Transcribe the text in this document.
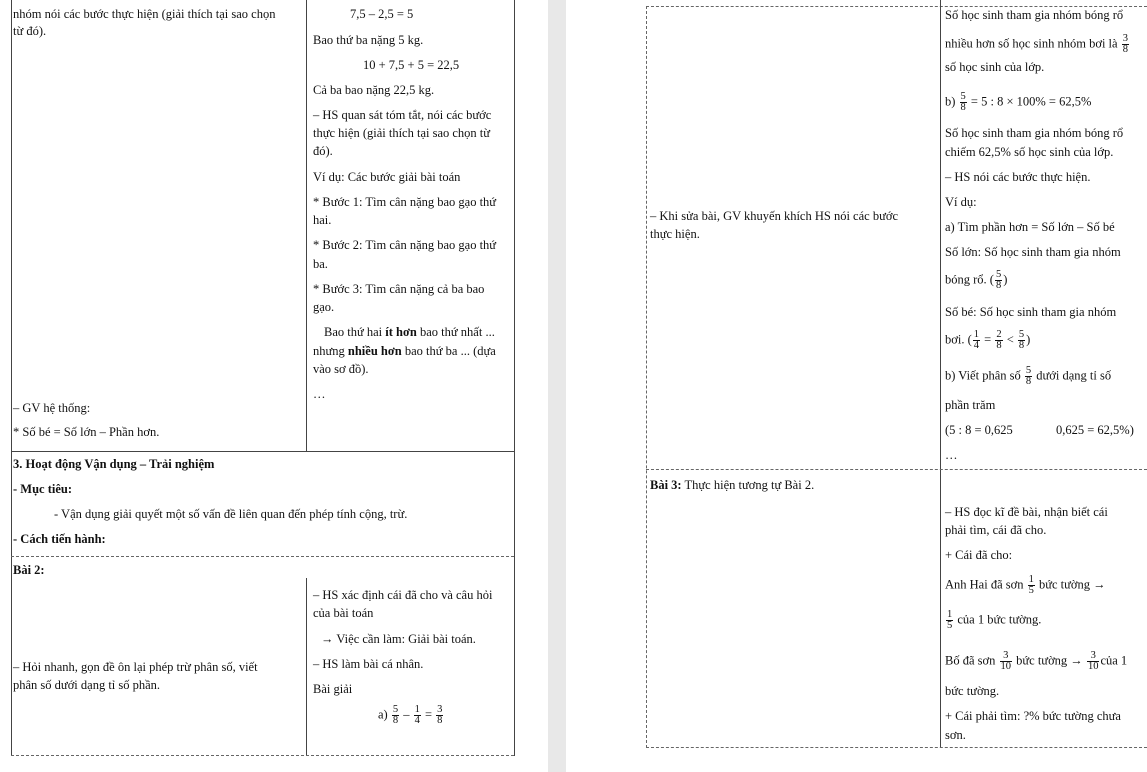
nhóm nói các bước thực hiện (giải thích tại sao chọn
từ đó).
7,5 – 2,5 = 5
Bao thứ ba nặng 5 kg.
10 + 7,5 + 5 = 22,5
Cả ba bao nặng 22,5 kg.
– HS quan sát tóm tắt, nói các bước
thực hiện (giải thích tại sao chọn từ
đó).
Ví dụ: Các bước giải bài toán
* Bước 1: Tìm cân nặng bao gạo thứ
hai.
* Bước 2: Tìm cân nặng bao gạo thứ
ba.
* Bước 3: Tìm cân nặng cả ba bao
gạo.
Bao thứ hai ít hơn bao thứ nhất ...
nhưng nhiều hơn bao thứ ba ... (dựa
vào sơ đồ).
…
– GV hệ thống:
* Số bé = Số lớn – Phần hơn.
3. Hoạt động Vận dụng – Trải nghiệm
- Mục tiêu:
- Vận dụng giải quyết một số vấn đề liên quan đến phép tính cộng, trừ.
- Cách tiến hành:
Bài 2:
– HS xác định cái đã cho và câu hỏi
của bài toán
→ Việc cần làm: Giải bài toán.
– Hỏi nhanh, gọn đề ôn lại phép trừ phân số, viết
phân số dưới dạng tỉ số phần.
– HS làm bài cá nhân.
Bài giải
$a) \frac{5}{8} - \frac{1}{4} = \frac{3}{8}$
Số học sinh tham gia nhóm bóng rổ
nhiều hơn số học sinh nhóm bơi là $\frac{3}{8}$
số học sinh của lớp.
$b) \frac{5}{8} = 5$ : 8 × 100% = 62,5%
Số học sinh tham gia nhóm bóng rổ
chiếm 62,5% số học sinh của lớp.
– HS nói các bước thực hiện.
Ví dụ:
– Khi sửa bài, GV khuyến khích HS nói các bước
thực hiện.	a) Tìm phần hơn = Số lớn – Số bé
Số lớn: Số học sinh tham gia nhóm
bóng rổ. ( $\frac{5}{8}$ )
Số bé: Số học sinh tham gia nhóm
bơi. ( $\frac{1}{4} = \frac{2}{8} < \frac{5}{8}$ )
b) Viết phân số $\frac{5}{8}$ dưới dạng tỉ số
phần trăm
(5 : 8 = 0,625	0,625 = 62,5%)
…
Bài 3: Thực hiện tương tự Bài 2.
– HS đọc kĩ đề bài, nhận biết cái
phải tìm, cái đã cho.
+ Cái đã cho:
Anh Hai đã sơn $\frac{1}{5}$ bức tường →
$\frac{1}{5}$ của 1 bức tường.
Bố đã sơn $\frac{3}{10}$ bức tường → $\frac{3}{10}$ của 1
bức tường.
+ Cái phải tìm: ?% bức tường chưa
sơn.
